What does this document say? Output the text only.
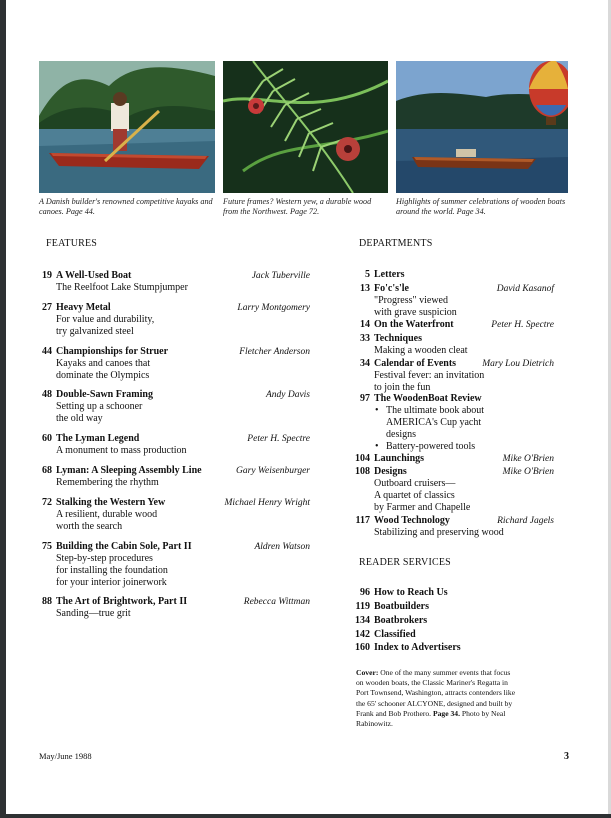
A Danish builder's renowned competitive kayaks and canoes. Page 44.
Future frames? Western yew, a durable wood from the Northwest. Page 72.
Highlights of summer celebrations of wooden boats around the world. Page 34.
FEATURES	DEPARTMENTS
READER SERVICES
19 A Well-Used Boat	Jack Tuberville
The Reelfoot Lake Stumpjumper
27 Heavy Metal	Larry Montgomery
For value and durability,
try galvanized steel
44 Championships for Struer	Fletcher Anderson
Kayaks and canoes that
dominate the Olympics
48 Double-Sawn Framing	Andy Davis
Setting up a schooner
the old way
60 The Lyman Legend	Peter H. Spectre
A monument to mass production
68 Lyman: A Sleeping Assembly Line	Gary Weisenburger
Remembering the rhythm
72 Stalking the Western Yew	Michael Henry Wright
A resilient, durable wood
worth the search
75 Building the Cabin Sole, Part II	Aldren Watson
Step-by-step procedures
for installing the foundation
for your interior joinerwork
88 The Art of Brightwork, Part II	Rebecca Wittman
Sanding—true grit
5 Letters
13 Fo'c's'le	David Kasanof
"Progress" viewed
with grave suspicion
14 On the Waterfront	Peter H. Spectre
33 Techniques
Making a wooden cleat
34 Calendar of Events	Mary Lou Dietrich
Festival fever: an invitation
to join the fun
97 The WoodenBoat Review
• The ultimate book about AMERICA's Cup yacht designs
• Battery-powered tools
104 Launchings	Mike O'Brien
108 Designs	Mike O'Brien
Outboard cruisers—
A quartet of classics
by Farmer and Chapelle
117 Wood Technology	Richard Jagels
Stabilizing and preserving wood
96 How to Reach Us
119 Boatbuilders
134 Boatbrokers
142 Classified
160 Index to Advertisers
Cover: One of the many summer events that focus on wooden boats, the Classic Mariner's Regatta in Port Townsend, Washington, attracts contenders like the 65' schooner ALCYONE, designed and built by Frank and Bob Prothero. Page 34. Photo by Neal Rabinowitz.
May/June 1988	3
